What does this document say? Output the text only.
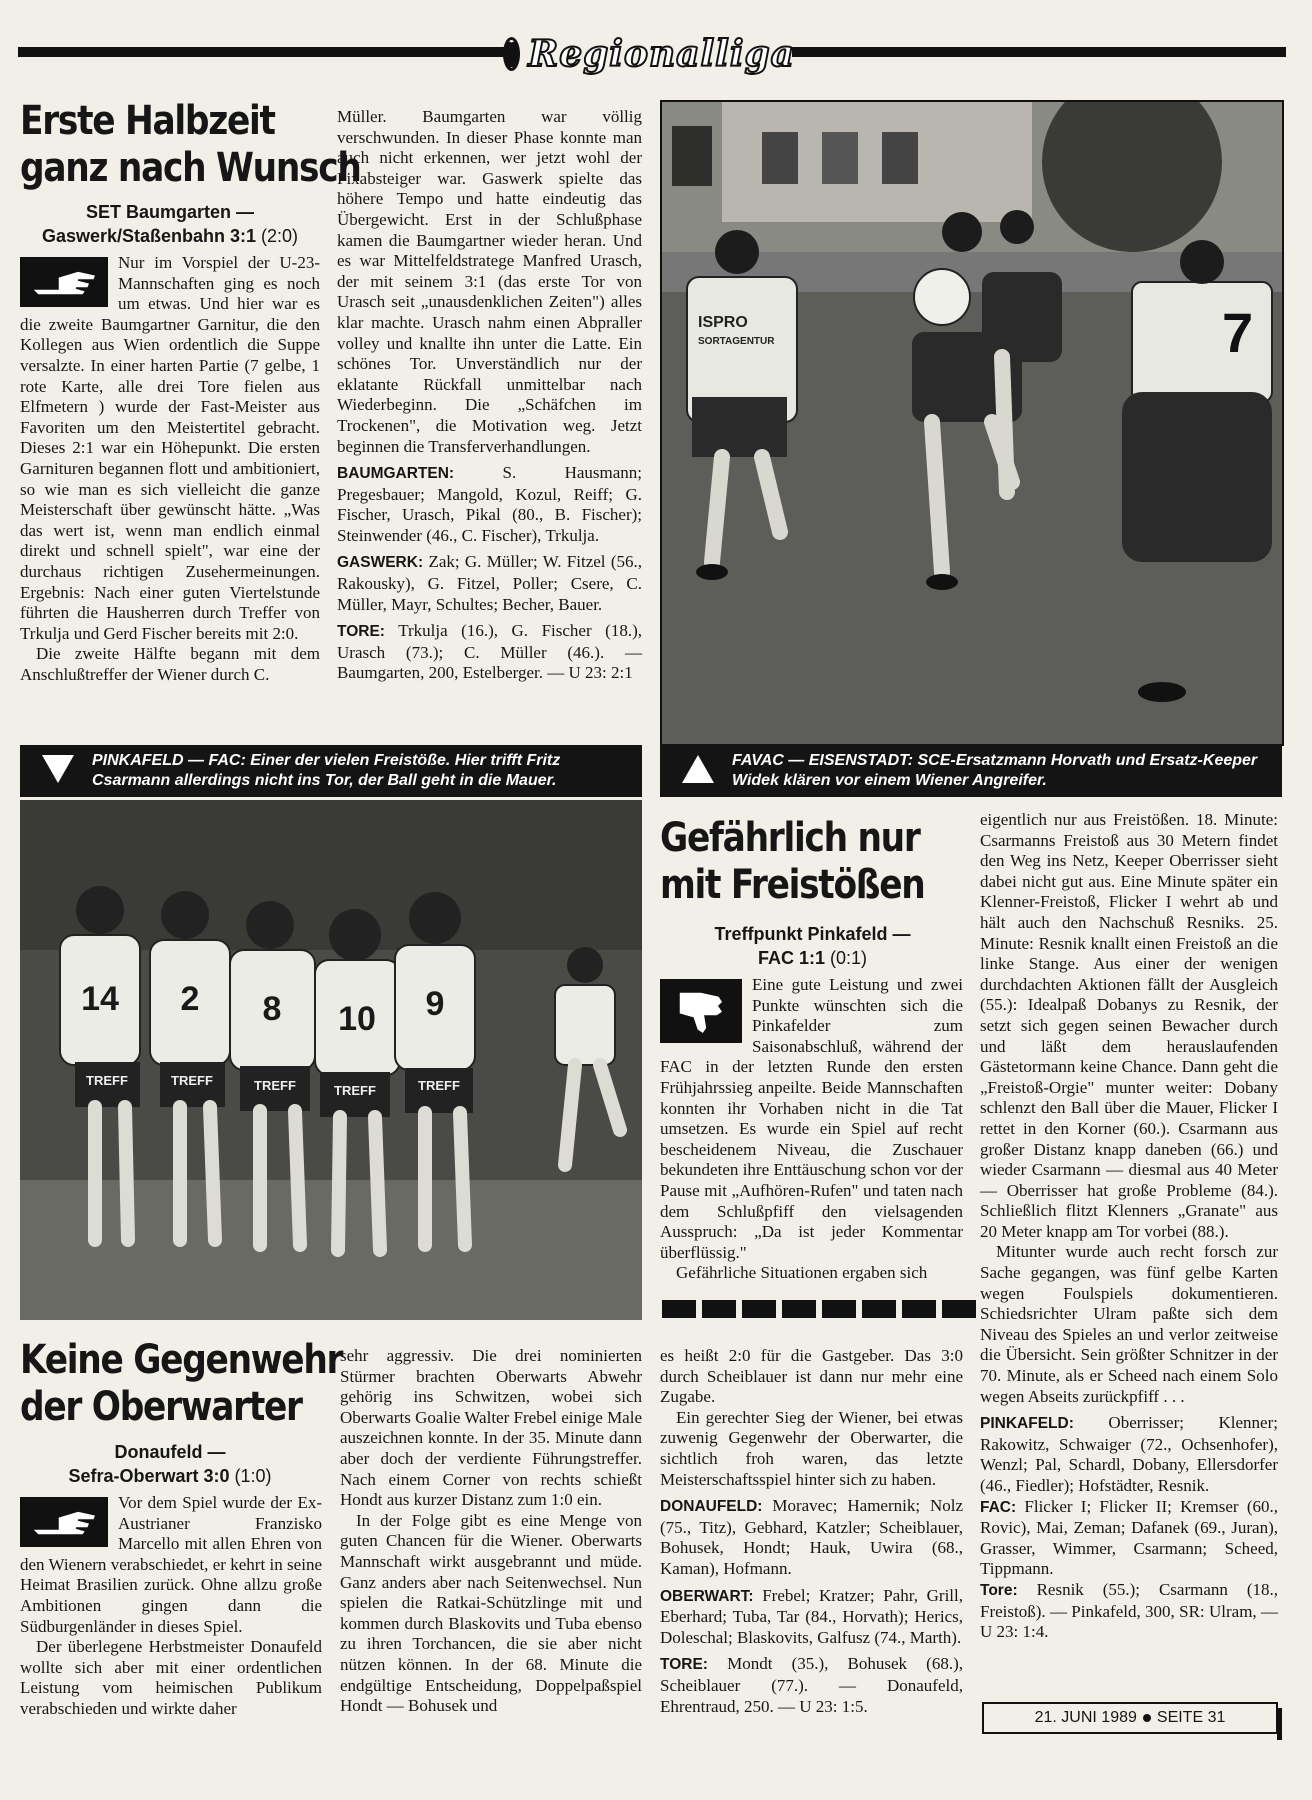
Regionalliga
Erste Halbzeit
ganz nach Wunsch
SET Baumgarten —
Gaswerk/Staßenbahn 3:1 (2:0)

Nur im Vorspiel der U-23-Mannschaften ging es noch um etwas. Und hier war es die zweite Baumgartner Garnitur, die den Kollegen aus Wien ordentlich die Suppe versalzte. In einer harten Partie (7 gelbe, 1 rote Karte, alle drei Tore fielen aus Elfmetern ) wurde der Fast-Meister aus Favoriten um den Meistertitel gebracht. Dieses 2:1 war ein Höhepunkt. Die ersten Garnituren begannen flott und ambitioniert, so wie man es sich vielleicht die ganze Meisterschaft über gewünscht hätte. „Was das wert ist, wenn man endlich einmal direkt und schnell spielt", war eine der durchaus richtigen Zusehermeinungen. Ergebnis: Nach einer guten Viertelstunde führten die Hausherren durch Treffer von Trkulja und Gerd Fischer bereits mit 2:0.

Die zweite Hälfte begann mit dem Anschlußtreffer der Wiener durch C.

Müller. Baumgarten war völlig verschwunden. In dieser Phase konnte man auch nicht erkennen, wer jetzt wohl der Fixabsteiger war. Gaswerk spielte das höhere Tempo und hatte eindeutig das Übergewicht. Erst in der Schlußphase kamen die Baumgartner wieder heran. Und es war Mittelfeldstratege Manfred Urasch, der mit seinem 3:1 (das erste Tor von Urasch seit „unausdenklichen Zeiten") alles klar machte. Urasch nahm einen Abpraller volley und knallte ihn unter die Latte. Ein schönes Tor. Unverständlich nur der eklatante Rückfall unmittelbar nach Wiederbeginn. Die „Schäfchen im Trockenen", die Motivation weg. Jetzt beginnen die Transferverhandlungen.

BAUMGARTEN:	S. Hausmann; Pregesbauer; Mangold, Kozul, Reiff; G. Fischer, Urasch, Pikal (80., B. Fischer); Steinwender (46., C. Fischer), Trkulja.

GASWERK: Zak; G. Müller; W. Fitzel (56., Rakousky), G. Fitzel, Poller; Csere, C. Müller, Mayr, Schultes; Becher, Bauer.

TORE: Trkulja (16.), G. Fischer (18.), Urasch (73.); C. Müller (46.). — Baumgarten, 200, Estelberger. — U 23: 2:1

ISPRO
SORTAGENTUR	7
FAVAC — EISENSTADT: SCE-Ersatzmann Horvath und Ersatz-Keeper Widek klären vor einem Wiener Angreifer.
PINKAFELD — FAC: Einer der vielen Freistöße. Hier trifft Fritz Csarmann allerdings nicht ins Tor, der Ball geht in die Mauer.
14 2 8 10 9
TREFF	TREFF	TREFF	TREFF	TREFF
Gefährlich nur
mit Freistößen
Treffpunkt Pinkafeld —
FAC 1:1 (0:1)

Eine gute Leistung und zwei Punkte wünschten sich die Pinkafelder zum Saisonabschluß, während der FAC in der letzten Runde den ersten Frühjahrssieg anpeilte. Beide Mannschaften konnten ihr Vorhaben nicht in die Tat umsetzen. Es wurde ein Spiel auf recht bescheidenem Niveau, die Zuschauer bekundeten ihre Enttäuschung schon vor der Pause mit „Aufhören-Rufen" und taten nach dem Schlußpfiff den vielsagenden Ausspruch: „Da ist jeder Kommentar überflüssig."

Gefährliche Situationen ergaben sich

eigentlich nur aus Freistößen. 18. Minute: Csarmanns Freistoß aus 30 Metern findet den Weg ins Netz, Keeper Oberrisser sieht dabei nicht gut aus. Eine Minute später ein Klenner-Freistoß, Flicker I wehrt ab und hält auch den Nachschuß Resniks. 25. Minute: Resnik knallt einen Freistoß an die linke Stange. Aus einer der wenigen durchdachten Aktionen fällt der Ausgleich (55.): Idealpaß Dobanys zu Resnik, der setzt sich gegen seinen Bewacher durch und läßt dem herauslaufenden Gästetormann keine Chance. Dann geht die „Freistoß-Orgie" munter weiter: Dobany schlenzt den Ball über die Mauer, Flicker I rettet in den Korner (60.). Csarmann aus großer Distanz knapp daneben (66.) und wieder Csarmann — diesmal aus 40 Meter — Oberrisser hat große Probleme (84.). Schließlich flitzt Klenners „Granate" aus 20 Meter knapp am Tor vorbei (88.).

Mitunter wurde auch recht forsch zur Sache gegangen, was fünf gelbe Karten wegen Foulspiels dokumentieren. Schiedsrichter Ulram paßte sich dem Niveau des Spieles an und verlor zeitweise die Übersicht. Sein größter Schnitzer in der 70. Minute, als er Scheed nach einem Solo wegen Abseits zurückpfiff . . .

PINKAFELD: Oberrisser; Klenner; Rakowitz, Schwaiger (72., Ochsenhofer), Wenzl; Pal, Schardl, Dobany, Ellersdorfer (46., Fiedler); Hofstädter, Resnik.

FAC: Flicker I; Flicker II; Kremser (60., Rovic), Mai, Zeman; Dafanek (69., Juran), Grasser, Wimmer, Csarmann; Scheed, Tippmann.

Tore: Resnik (55.); Csarmann (18., Freistoß). — Pinkafeld, 300, SR: Ulram, — U 23: 1:4.

Keine Gegenwehr
der Oberwarter
Donaufeld —
Sefra-Oberwart 3:0 (1:0)

Vor dem Spiel wurde der Ex-Austrianer Franzisko Marcello mit allen Ehren von den Wienern verabschiedet, er kehrt in seine Heimat Brasilien zurück. Ohne allzu große Ambitionen gingen dann die Südburgenländer in dieses Spiel.

Der überlegene Herbstmeister Donaufeld wollte sich aber mit einer ordentlichen Leistung vom heimischen Publikum verabschieden und wirkte daher

sehr aggressiv. Die drei nominierten Stürmer brachten Oberwarts Abwehr gehörig ins Schwitzen, wobei sich Oberwarts Goalie Walter Frebel einige Male auszeichnen konnte. In der 35. Minute dann aber doch der verdiente Führungstreffer. Nach einem Corner von rechts schießt Hondt aus kurzer Distanz zum 1:0 ein.

In der Folge gibt es eine Menge von guten Chancen für die Wiener. Oberwarts Mannschaft wirkt ausgebrannt und müde. Ganz anders aber nach Seitenwechsel. Nun spielen die Ratkai-Schützlinge mit und kommen durch Blaskovits und Tuba ebenso zu ihren Torchancen, die sie aber nicht nützen können. In der 68. Minute die endgültige Entscheidung, Doppelpaßspiel Hondt — Bohusek und

es heißt 2:0 für die Gastgeber. Das 3:0 durch Scheiblauer ist dann nur mehr eine Zugabe.

Ein gerechter Sieg der Wiener, bei etwas zuwenig Gegenwehr der Oberwarter, die sichtlich froh waren, das letzte Meisterschaftsspiel hinter sich zu haben.

DONAUFELD: Moravec; Hamernik; Nolz (75., Titz), Gebhard, Katzler; Scheiblauer, Bohusek, Hondt; Hauk, Uwira (68., Kaman), Hofmann.

OBERWART: Frebel; Kratzer; Pahr, Grill, Eberhard; Tuba, Tar (84., Horvath); Herics, Doleschal; Blaskovits, Galfusz (74., Marth).

TORE: Mondt (35.), Bohusek (68.), Scheiblauer (77.). — Donaufeld, Ehrentraud, 250. — U 23: 1:5.

21. JUNI 1989 SEITE 31
